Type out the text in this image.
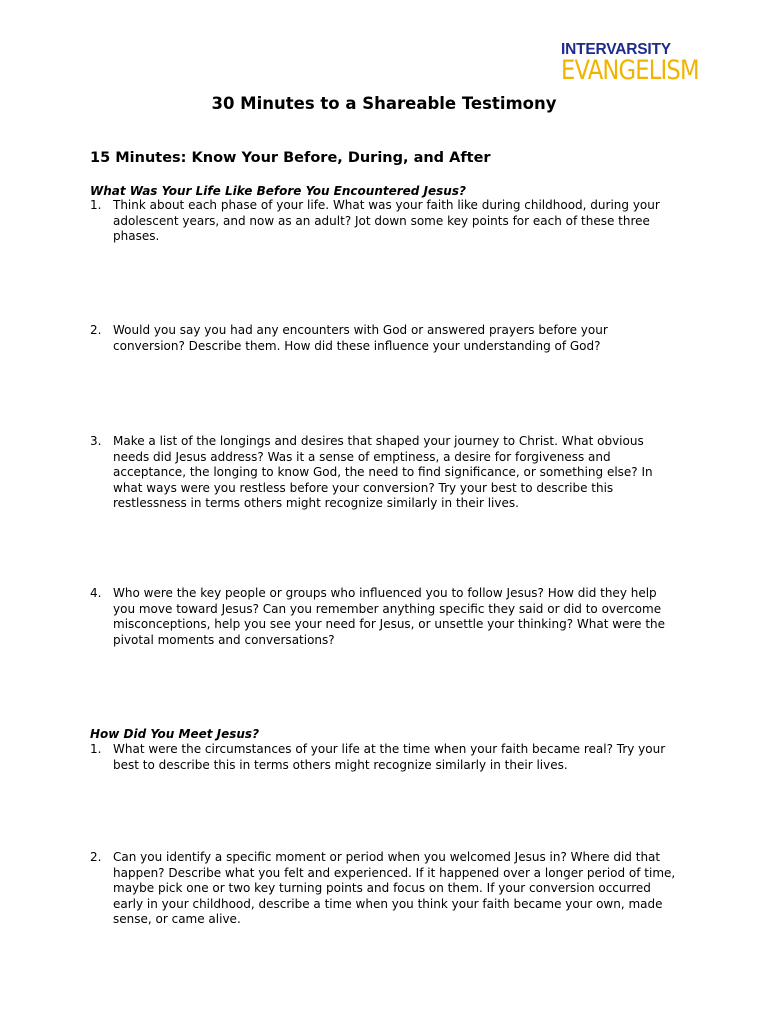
INTERVARSITY
EVANGELISM
30 Minutes to a Shareable Testimony
15 Minutes: Know Your Before, During, and After
What Was Your Life Like Before You Encountered Jesus?
1. Think about each phase of your life. What was your faith like during childhood, during your adolescent years, and now as an adult? Jot down some key points for each of these three phases.
2. Would you say you had any encounters with God or answered prayers before your conversion? Describe them. How did these influence your understanding of God?
3. Make a list of the longings and desires that shaped your journey to Christ. What obvious needs did Jesus address? Was it a sense of emptiness, a desire for forgiveness and acceptance, the longing to know God, the need to find significance, or something else? In what ways were you restless before your conversion? Try your best to describe this restlessness in terms others might recognize similarly in their lives.
4. Who were the key people or groups who influenced you to follow Jesus? How did they help you move toward Jesus? Can you remember anything specific they said or did to overcome misconceptions, help you see your need for Jesus, or unsettle your thinking? What were the pivotal moments and conversations?
How Did You Meet Jesus?
1. What were the circumstances of your life at the time when your faith became real? Try your best to describe this in terms others might recognize similarly in their lives.
2. Can you identify a specific moment or period when you welcomed Jesus in? Where did that happen? Describe what you felt and experienced. If it happened over a longer period of time, maybe pick one or two key turning points and focus on them. If your conversion occurred early in your childhood, describe a time when you think your faith became your own, made sense, or came alive.
